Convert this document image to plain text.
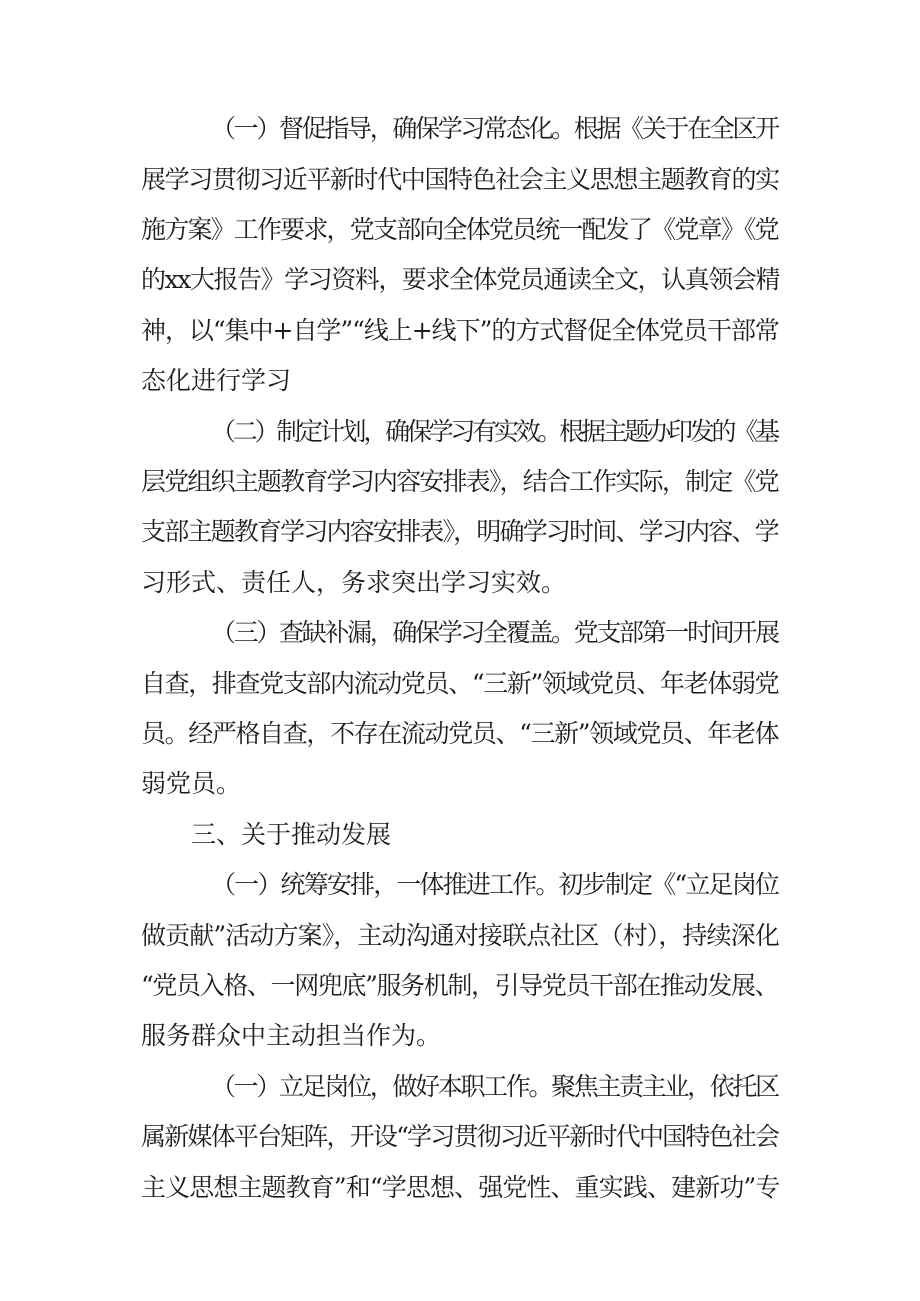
（一）督促指导，确保学习常态化。根据《关于在全区开
展学习贯彻习近平新时代中国特色社会主义思想主题教育的实
施方案》工作要求，党支部向全体党员统一配发了《党章》《党
的xx大报告》学习资料，要求全体党员通读全文，认真领会精
神，以“集中+自学”“线上+线下”的方式督促全体党员干部常
态化进行学习
（二）制定计划，确保学习有实效。根据主题办印发的《基
层党组织主题教育学习内容安排表》，结合工作实际，制定《党
支部主题教育学习内容安排表》，明确学习时间、学习内容、学
习形式、责任人，务求突出学习实效。
（三）查缺补漏，确保学习全覆盖。党支部第一时间开展
自查，排查党支部内流动党员、“三新”领域党员、年老体弱党
员。经严格自查，不存在流动党员、“三新”领域党员、年老体
弱党员。
三、关于推动发展
（一）统筹安排，一体推进工作。初步制定《“立足岗位
做贡献”活动方案》，主动沟通对接联点社区（村），持续深化
“党员入格、一网兜底”服务机制，引导党员干部在推动发展、
服务群众中主动担当作为。
（一）立足岗位，做好本职工作。聚焦主责主业，依托区
属新媒体平台矩阵，开设“学习贯彻习近平新时代中国特色社会
主义思想主题教育”和“学思想、强党性、重实践、建新功”专
